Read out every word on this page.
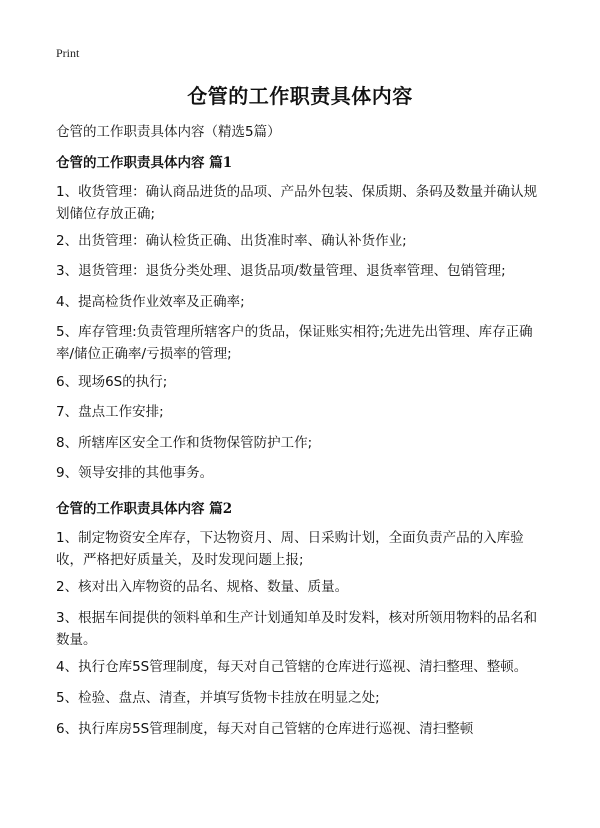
Print
仓管的工作职责具体内容
仓管的工作职责具体内容（精选5篇）
仓管的工作职责具体内容 篇1
1、收货管理：确认商品进货的品项、产品外包装、保质期、条码及数量并确认规划储位存放正确;
2、出货管理：确认检货正确、出货准时率、确认补货作业;
3、退货管理：退货分类处理、退货品项/数量管理、退货率管理、包销管理;
4、提高检货作业效率及正确率;
5、库存管理:负责管理所辖客户的货品，保证账实相符;先进先出管理、库存正确率/储位正确率/亏损率的管理;
6、现场6S的执行;
7、盘点工作安排;
8、所辖库区安全工作和货物保管防护工作;
9、领导安排的其他事务。
仓管的工作职责具体内容 篇2
1、制定物资安全库存，下达物资月、周、日采购计划，全面负责产品的入库验收，严格把好质量关，及时发现问题上报;
2、核对出入库物资的品名、规格、数量、质量。
3、根据车间提供的领料单和生产计划通知单及时发料，核对所领用物料的品名和数量。
4、执行仓库5S管理制度，每天对自己管辖的仓库进行巡视、清扫整理、整顿。
5、检验、盘点、清查，并填写货物卡挂放在明显之处;
6、执行库房5S管理制度，每天对自己管辖的仓库进行巡视、清扫整顿
